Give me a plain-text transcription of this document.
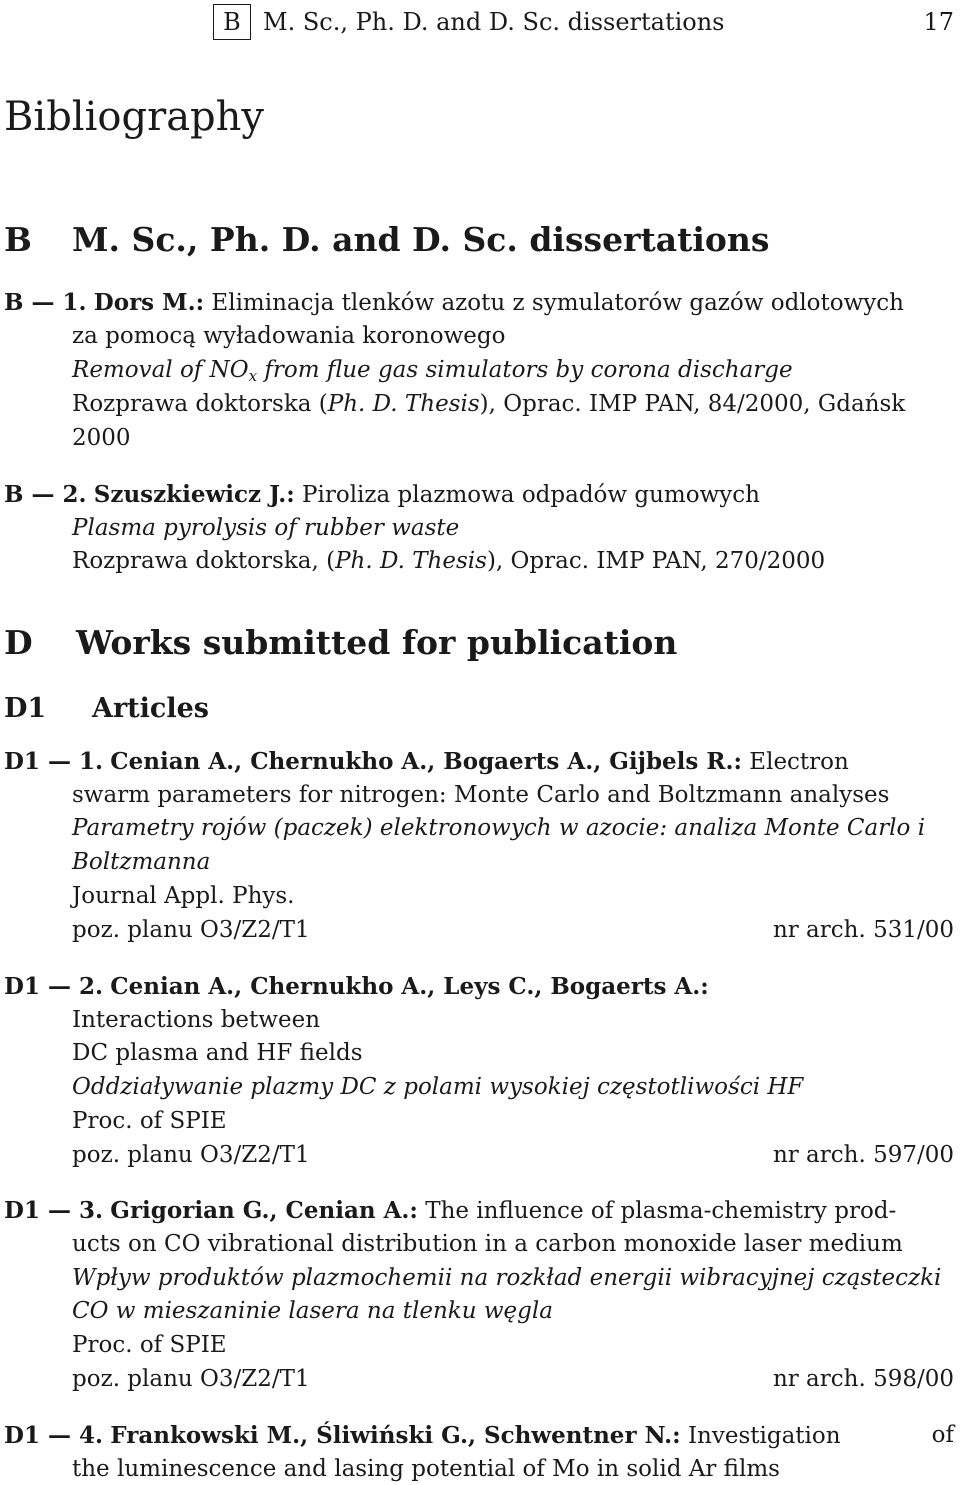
B M. Sc., Ph. D. and D. Sc. dissertations	17
Bibliography
B M. Sc., Ph. D. and D. Sc. dissertations
B — 1. Dors M.: Eliminacja tlenków azotu z symulatorów gazów odlotowych
za pomocą wyładowania koronowego
Removal of $NO_x$ from flue gas simulators by corona discharge
Rozprawa doktorska (Ph. D. Thesis), Oprac. IMP PAN, 84/2000, Gdańsk
2000
B — 2. Szuszkiewicz J.: Piroliza plazmowa odpadów gumowych
Plasma pyrolysis of rubber waste
Rozprawa doktorska, (Ph. D. Thesis), Oprac. IMP PAN, 270/2000
D Works submitted for publication
D1 Articles
D1 — 1. Cenian A., Chernukho A., Bogaerts A., Gijbels R.: Electron
swarm parameters for nitrogen: Monte Carlo and Boltzmann analyses
Parametry rojów (paczek) elektronowych w azocie: analiza Monte Carlo i
Boltzmanna
Journal Appl. Phys.
poz. planu O3/Z2/T1	nr arch. 531/00
D1 — 2. Cenian A., Chernukho A., Leys C., Bogaerts A.:
Interactions between
DC plasma and HF fields
Oddziaływanie plazmy DC z polami wysokiej częstotliwości HF
Proc. of SPIE
poz. planu O3/Z2/T1	nr arch. 597/00
D1 — 3. Grigorian G., Cenian A.: The influence of plasma-chemistry prod-
ucts on CO vibrational distribution in a carbon monoxide laser medium
Wpływ produktów plazmochemii na rozkład energii wibracyjnej cząsteczki
CO w mieszaninie lasera na tlenku węgla
Proc. of SPIE
poz. planu O3/Z2/T1	nr arch. 598/00
D1 — 4. Frankowski M., Śliwiński G., Schwentner N.: Investigation	of
the luminescence and lasing potential of Mo in solid Ar films
